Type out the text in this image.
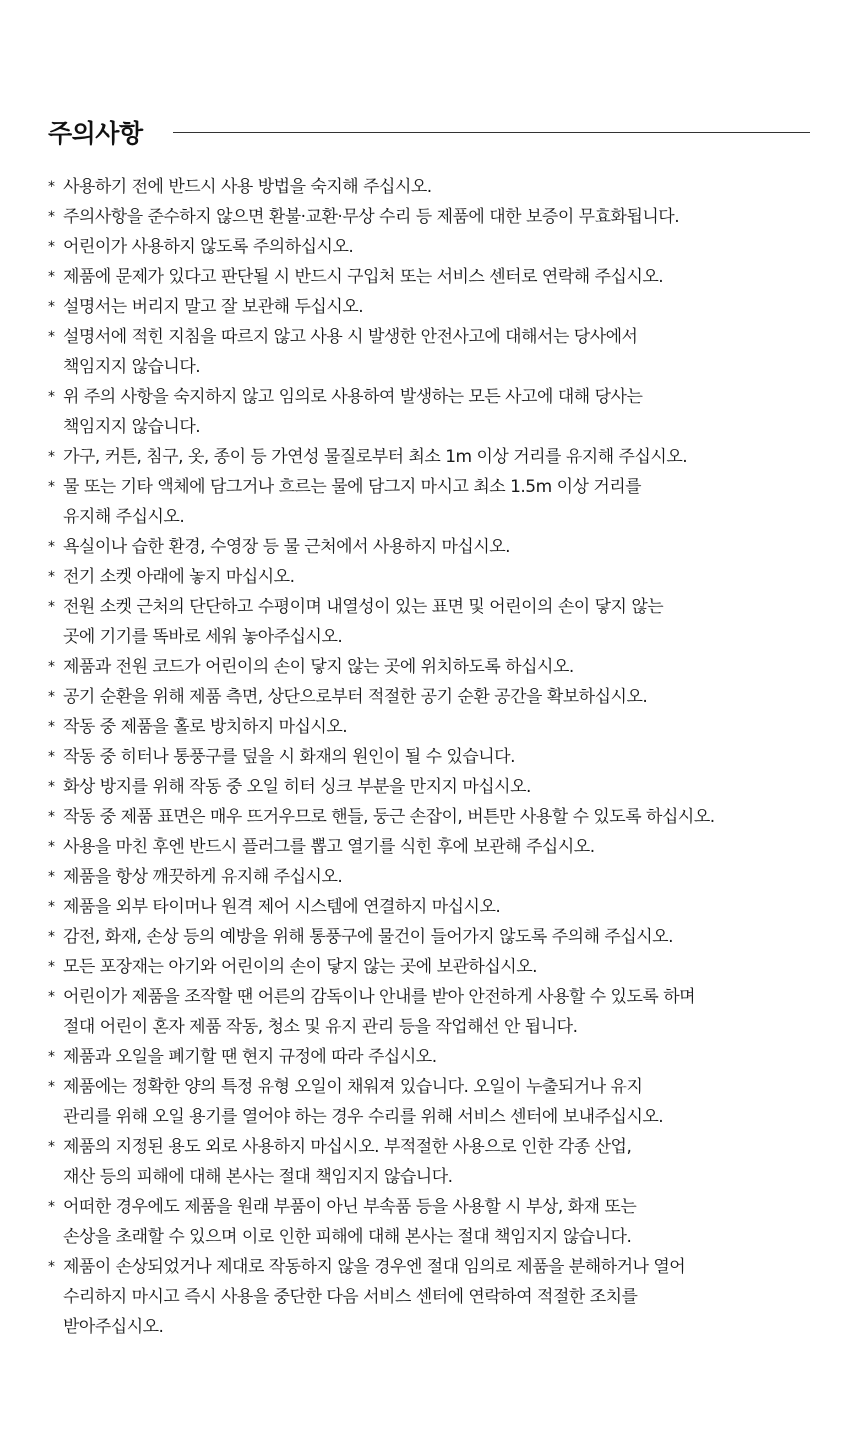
주의사항
* 사용하기 전에 반드시 사용 방법을 숙지해 주십시오.
* 주의사항을 준수하지 않으면 환불·교환·무상 수리 등 제품에 대한 보증이 무효화됩니다.
* 어린이가 사용하지 않도록 주의하십시오.
* 제품에 문제가 있다고 판단될 시 반드시 구입처 또는 서비스 센터로 연락해 주십시오.
* 설명서는 버리지 말고 잘 보관해 두십시오.
* 설명서에 적힌 지침을 따르지 않고 사용 시 발생한 안전사고에 대해서는 당사에서
책임지지 않습니다.
* 위 주의 사항을 숙지하지 않고 임의로 사용하여 발생하는 모든 사고에 대해 당사는
책임지지 않습니다.
* 가구, 커튼, 침구, 옷, 종이 등 가연성 물질로부터 최소 1m 이상 거리를 유지해 주십시오.
* 물 또는 기타 액체에 담그거나 흐르는 물에 담그지 마시고 최소 1.5m 이상 거리를
유지해 주십시오.
* 욕실이나 습한 환경, 수영장 등 물 근처에서 사용하지 마십시오.
* 전기 소켓 아래에 놓지 마십시오.
* 전원 소켓 근처의 단단하고 수평이며 내열성이 있는 표면 및 어린이의 손이 닿지 않는
곳에 기기를 똑바로 세워 놓아주십시오.
* 제품과 전원 코드가 어린이의 손이 닿지 않는 곳에 위치하도록 하십시오.
* 공기 순환을 위해 제품 측면, 상단으로부터 적절한 공기 순환 공간을 확보하십시오.
* 작동 중 제품을 홀로 방치하지 마십시오.
* 작동 중 히터나 통풍구를 덮을 시 화재의 원인이 될 수 있습니다.
* 화상 방지를 위해 작동 중 오일 히터 싱크 부분을 만지지 마십시오.
* 작동 중 제품 표면은 매우 뜨거우므로 핸들, 둥근 손잡이, 버튼만 사용할 수 있도록 하십시오.
* 사용을 마친 후엔 반드시 플러그를 뽑고 열기를 식힌 후에 보관해 주십시오.
* 제품을 항상 깨끗하게 유지해 주십시오.
* 제품을 외부 타이머나 원격 제어 시스템에 연결하지 마십시오.
* 감전, 화재, 손상 등의 예방을 위해 통풍구에 물건이 들어가지 않도록 주의해 주십시오.
* 모든 포장재는 아기와 어린이의 손이 닿지 않는 곳에 보관하십시오.
* 어린이가 제품을 조작할 땐 어른의 감독이나 안내를 받아 안전하게 사용할 수 있도록 하며
절대 어린이 혼자 제품 작동, 청소 및 유지 관리 등을 작업해선 안 됩니다.
* 제품과 오일을 폐기할 땐 현지 규정에 따라 주십시오.
* 제품에는 정확한 양의 특정 유형 오일이 채워져 있습니다. 오일이 누출되거나 유지
관리를 위해 오일 용기를 열어야 하는 경우 수리를 위해 서비스 센터에 보내주십시오.
* 제품의 지정된 용도 외로 사용하지 마십시오. 부적절한 사용으로 인한 각종 산업,
재산 등의 피해에 대해 본사는 절대 책임지지 않습니다.
* 어떠한 경우에도 제품을 원래 부품이 아닌 부속품 등을 사용할 시 부상, 화재 또는
손상을 초래할 수 있으며 이로 인한 피해에 대해 본사는 절대 책임지지 않습니다.
* 제품이 손상되었거나 제대로 작동하지 않을 경우엔 절대 임의로 제품을 분해하거나 열어
수리하지 마시고 즉시 사용을 중단한 다음 서비스 센터에 연락하여 적절한 조치를
받아주십시오.
